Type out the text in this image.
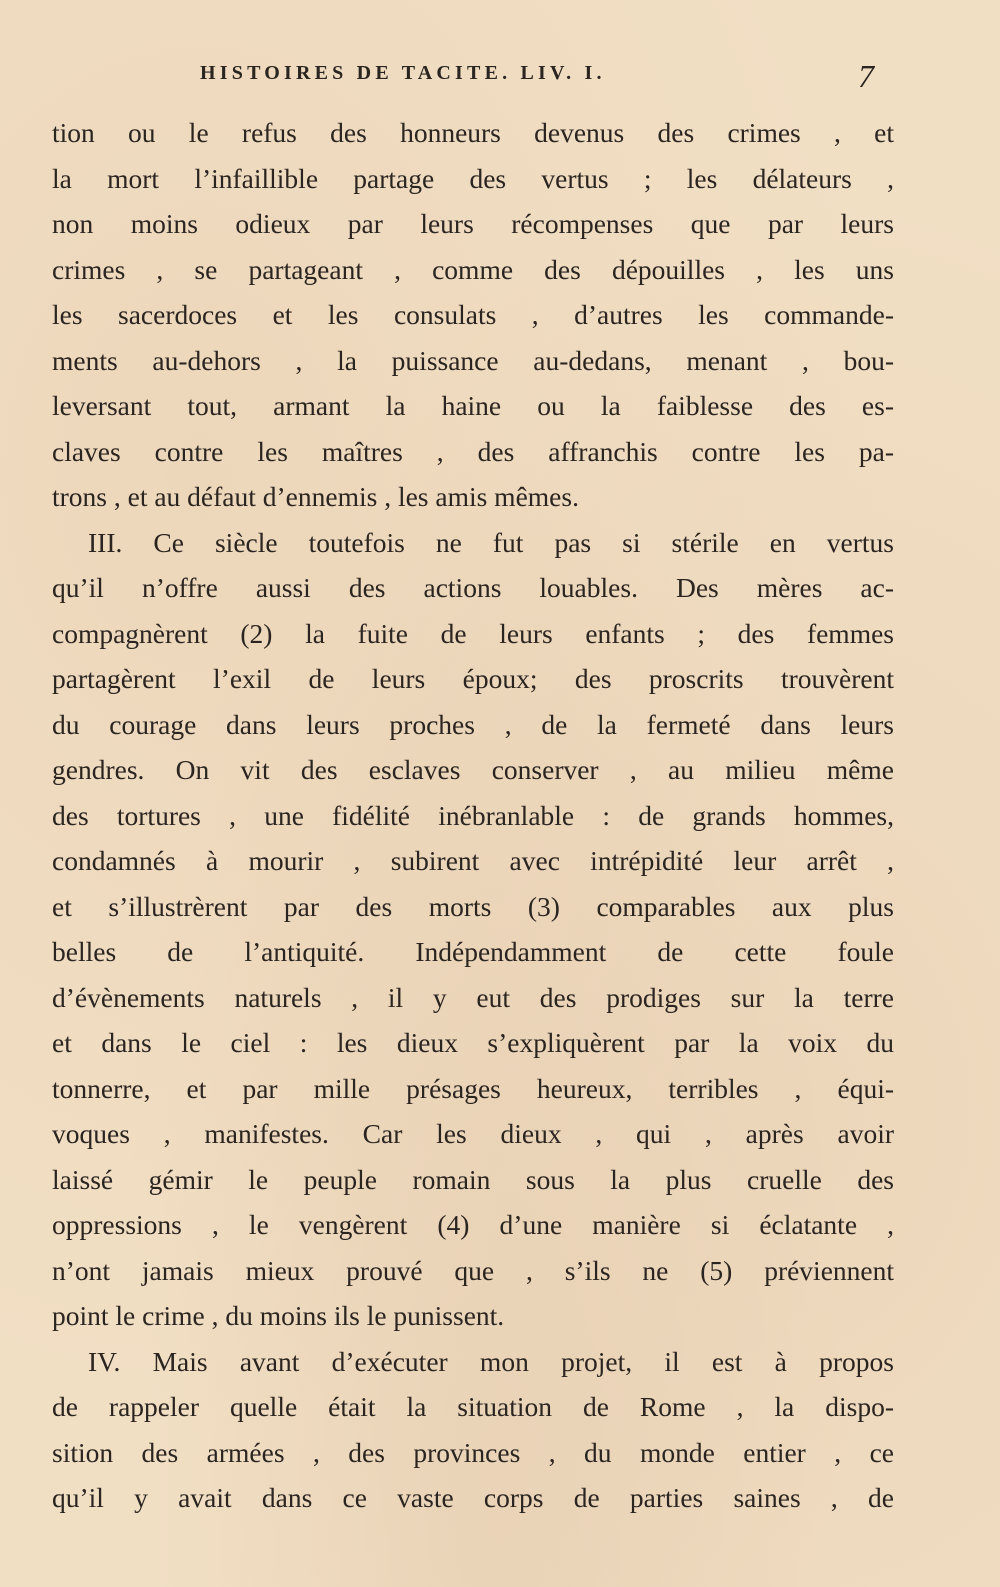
HISTOIRES DE TACITE. LIV. I.	7
tion ou le refus des honneurs devenus des crimes , et
la mort l’infaillible partage des vertus ; les délateurs ,
non moins odieux par leurs récompenses que par leurs
crimes , se partageant , comme des dépouilles , les uns
les sacerdoces et les consulats , d’autres les commande-
ments au-dehors , la puissance au-dedans, menant , bou-
leversant tout, armant la haine ou la faiblesse des es-
claves contre les maîtres , des affranchis contre les pa-
trons , et au défaut d’ennemis , les amis mêmes.
III. Ce siècle toutefois ne fut pas si stérile en vertus
qu’il n’offre aussi des actions louables. Des mères ac-
compagnèrent (2) la fuite de leurs enfants ; des femmes
partagèrent l’exil de leurs époux; des proscrits trouvèrent
du courage dans leurs proches , de la fermeté dans leurs
gendres. On vit des esclaves conserver , au milieu même
des tortures , une fidélité inébranlable : de grands hommes,
condamnés à mourir , subirent avec intrépidité leur arrêt ,
et s’illustrèrent par des morts (3) comparables aux plus
belles de l’antiquité. Indépendamment de cette foule
d’évènements naturels , il y eut des prodiges sur la terre
et dans le ciel : les dieux s’expliquèrent par la voix du
tonnerre, et par mille présages heureux, terribles , équi-
voques , manifestes. Car les dieux , qui , après avoir
laissé gémir le peuple romain sous la plus cruelle des
oppressions , le vengèrent (4) d’une manière si éclatante ,
n’ont jamais mieux prouvé que , s’ils ne (5) préviennent
point le crime , du moins ils le punissent.
IV. Mais avant d’exécuter mon projet, il est à propos
de rappeler quelle était la situation de Rome , la dispo-
sition des armées , des provinces , du monde entier , ce
qu’il y avait dans ce vaste corps de parties saines , de
